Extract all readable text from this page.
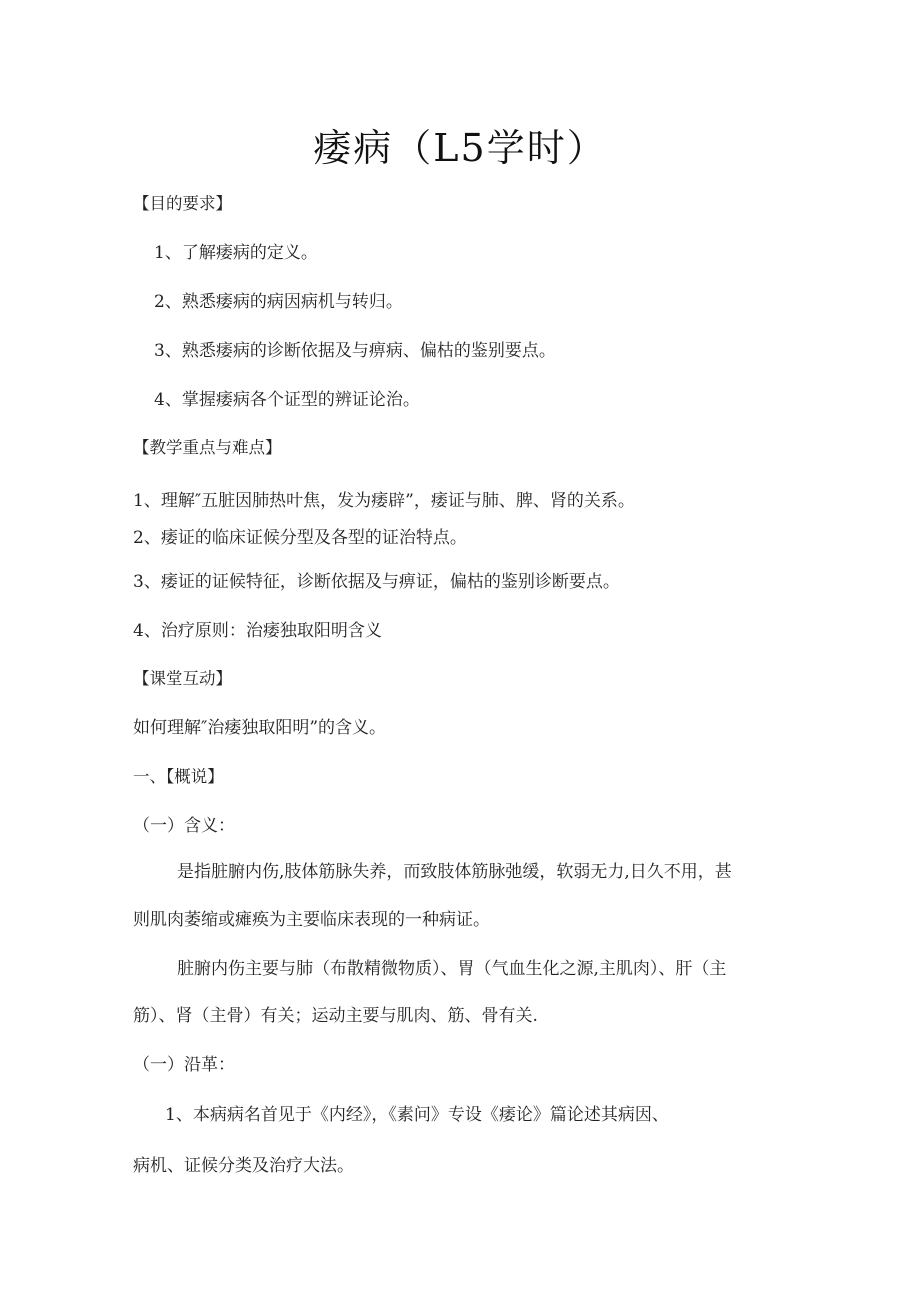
痿病（L5学时）
【目的要求】
1、了解痿病的定义。
2、熟悉痿病的病因病机与转归。
3、熟悉痿病的诊断依据及与痹病、偏枯的鉴别要点。
4、掌握痿病各个证型的辨证论治。
【教学重点与难点】
1、理解″五脏因肺热叶焦，发为痿辟”，痿证与肺、脾、肾的关系。
2、痿证的临床证候分型及各型的证治特点。
3、痿证的证候特征，诊断依据及与痹证，偏枯的鉴别诊断要点。
4、治疗原则：治痿独取阳明含义
【课堂互动】
如何理解″治痿独取阳明”的含义。
一、【概说】
（一）含义：
是指脏腑内伤,肢体筋脉失养，而致肢体筋脉弛缓，软弱无力,日久不用，甚
则肌肉萎缩或瘫痪为主要临床表现的一种病证。
脏腑内伤主要与肺（布散精微物质）、胃（气血生化之源,主肌肉）、肝（主
筋）、肾（主骨）有关；运动主要与肌肉、筋、骨有关.
（一）沿革：
1、本病病名首见于《内经》，《素问》专设《痿论》篇论述其病因、
病机、证候分类及治疗大法。
